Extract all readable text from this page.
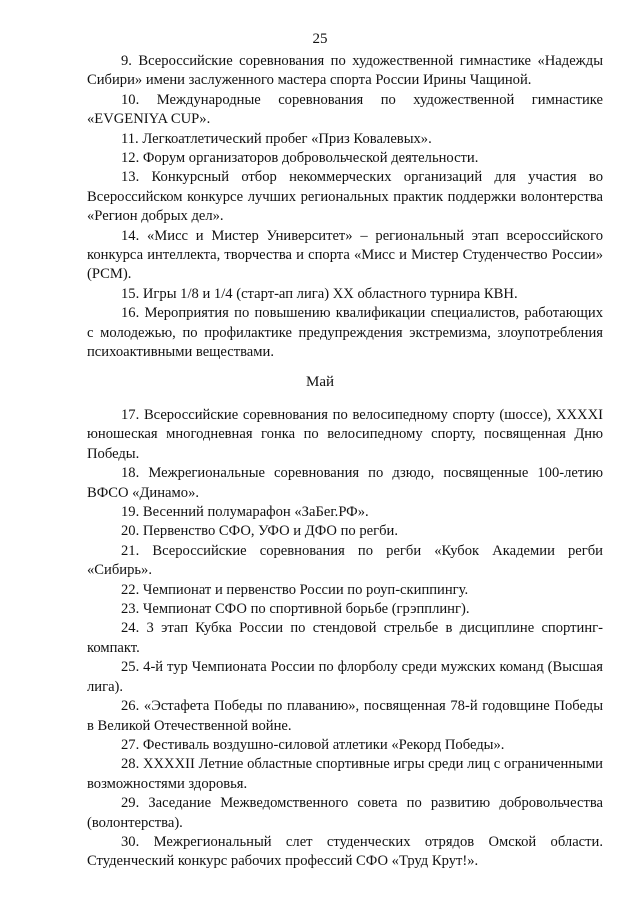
25

9. Всероссийские соревнования по художественной гимнастике «Надежды Сибири» имени заслуженного мастера спорта России Ирины Чащиной.

10. Международные соревнования по художественной гимнастике «EVGENIYA CUP».

11. Легкоатлетический пробег «Приз Ковалевых».

12. Форум организаторов добровольческой деятельности.

13. Конкурсный отбор некоммерческих организаций для участия во Всероссийском конкурсе лучших региональных практик поддержки волонтерства «Регион добрых дел».

14. «Мисс и Мистер Университет» – региональный этап всероссийского конкурса интеллекта, творчества и спорта «Мисс и Мистер Студенчество России» (РСМ).

15. Игры 1/8 и 1/4 (старт-ап лига) XX областного турнира КВН.

16. Мероприятия по повышению квалификации специалистов, работающих с молодежью, по профилактике предупреждения экстремизма, злоупотребления психоактивными веществами.

Май

17. Всероссийские соревнования по велосипедному спорту (шоссе), XXXXI юношеская многодневная гонка по велосипедному спорту, посвященная Дню Победы.

18. Межрегиональные соревнования по дзюдо, посвященные 100-летию ВФСО «Динамо».

19. Весенний полумарафон «ЗаБег.РФ».

20. Первенство СФО, УФО и ДФО по регби.

21. Всероссийские соревнования по регби «Кубок Академии регби «Сибирь».

22. Чемпионат и первенство России по роуп-скиппингу.

23. Чемпионат СФО по спортивной борьбе (грэпплинг).

24. 3 этап Кубка России по стендовой стрельбе в дисциплине спортинг-компакт.

25. 4-й тур Чемпионата России по флорболу среди мужских команд (Высшая лига).

26. «Эстафета Победы по плаванию», посвященная 78-й годовщине Победы в Великой Отечественной войне.

27. Фестиваль воздушно-силовой атлетики «Рекорд Победы».

28. XXXXII Летние областные спортивные игры среди лиц с ограниченными возможностями здоровья.

29. Заседание Межведомственного совета по развитию добровольчества (волонтерства).

30. Межрегиональный слет студенческих отрядов Омской области. Студенческий конкурс рабочих профессий СФО «Труд Крут!».
